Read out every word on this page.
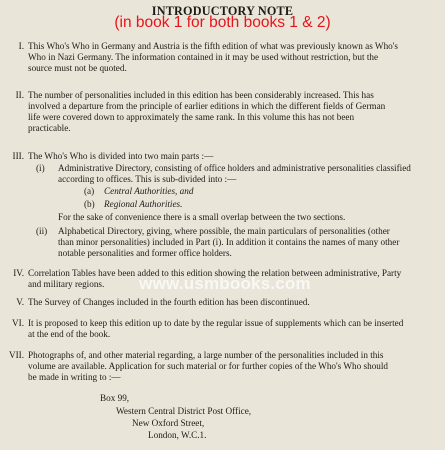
INTRODUCTORY NOTE
(in book 1 for both books 1 & 2)
I. This Who's Who in Germany and Austria is the fifth edition of what was previously known as Who's

Who in Nazi Germany. The information contained in it may be used without restriction, but the

source must not be quoted.

II. The number of personalities included in this edition has been considerably increased. This has

involved a departure from the principle of earlier editions in which the different fields of German

life were covered down to approximately the same rank. In this volume this has not been

practicable.

III. The Who's Who is divided into two main parts :—

(i)	Administrative Directory, consisting of office holders and administrative personalities classified

according to offices. This is sub-divided into :—

(a) Central Authorities, and
(b) Regional Authorities.
For the sake of convenience there is a small overlap between the two sections.
(ii)	Alphabetical Directory, giving, where possible, the main particulars of personalities (other

than minor personalities) included in Part (i). In addition it contains the names of many other

notable personalities and former office holders.

IV. Correlation Tables have been added to this edition showing the relation between administrative, Party

and military regions.

V. The Survey of Changes included in the fourth edition has been discontinued.

VI. It is proposed to keep this edition up to date by the regular issue of supplements which can be inserted

at the end of the book.

VII. Photographs of, and other material regarding, a large number of the personalities included in this

volume are available. Application for such material or for further copies of the Who's Who should

be made in writing to :—

Box 99,
Western Central District Post Office,
New Oxford Street,
London, W.C.1.
www.usmbooks.com
